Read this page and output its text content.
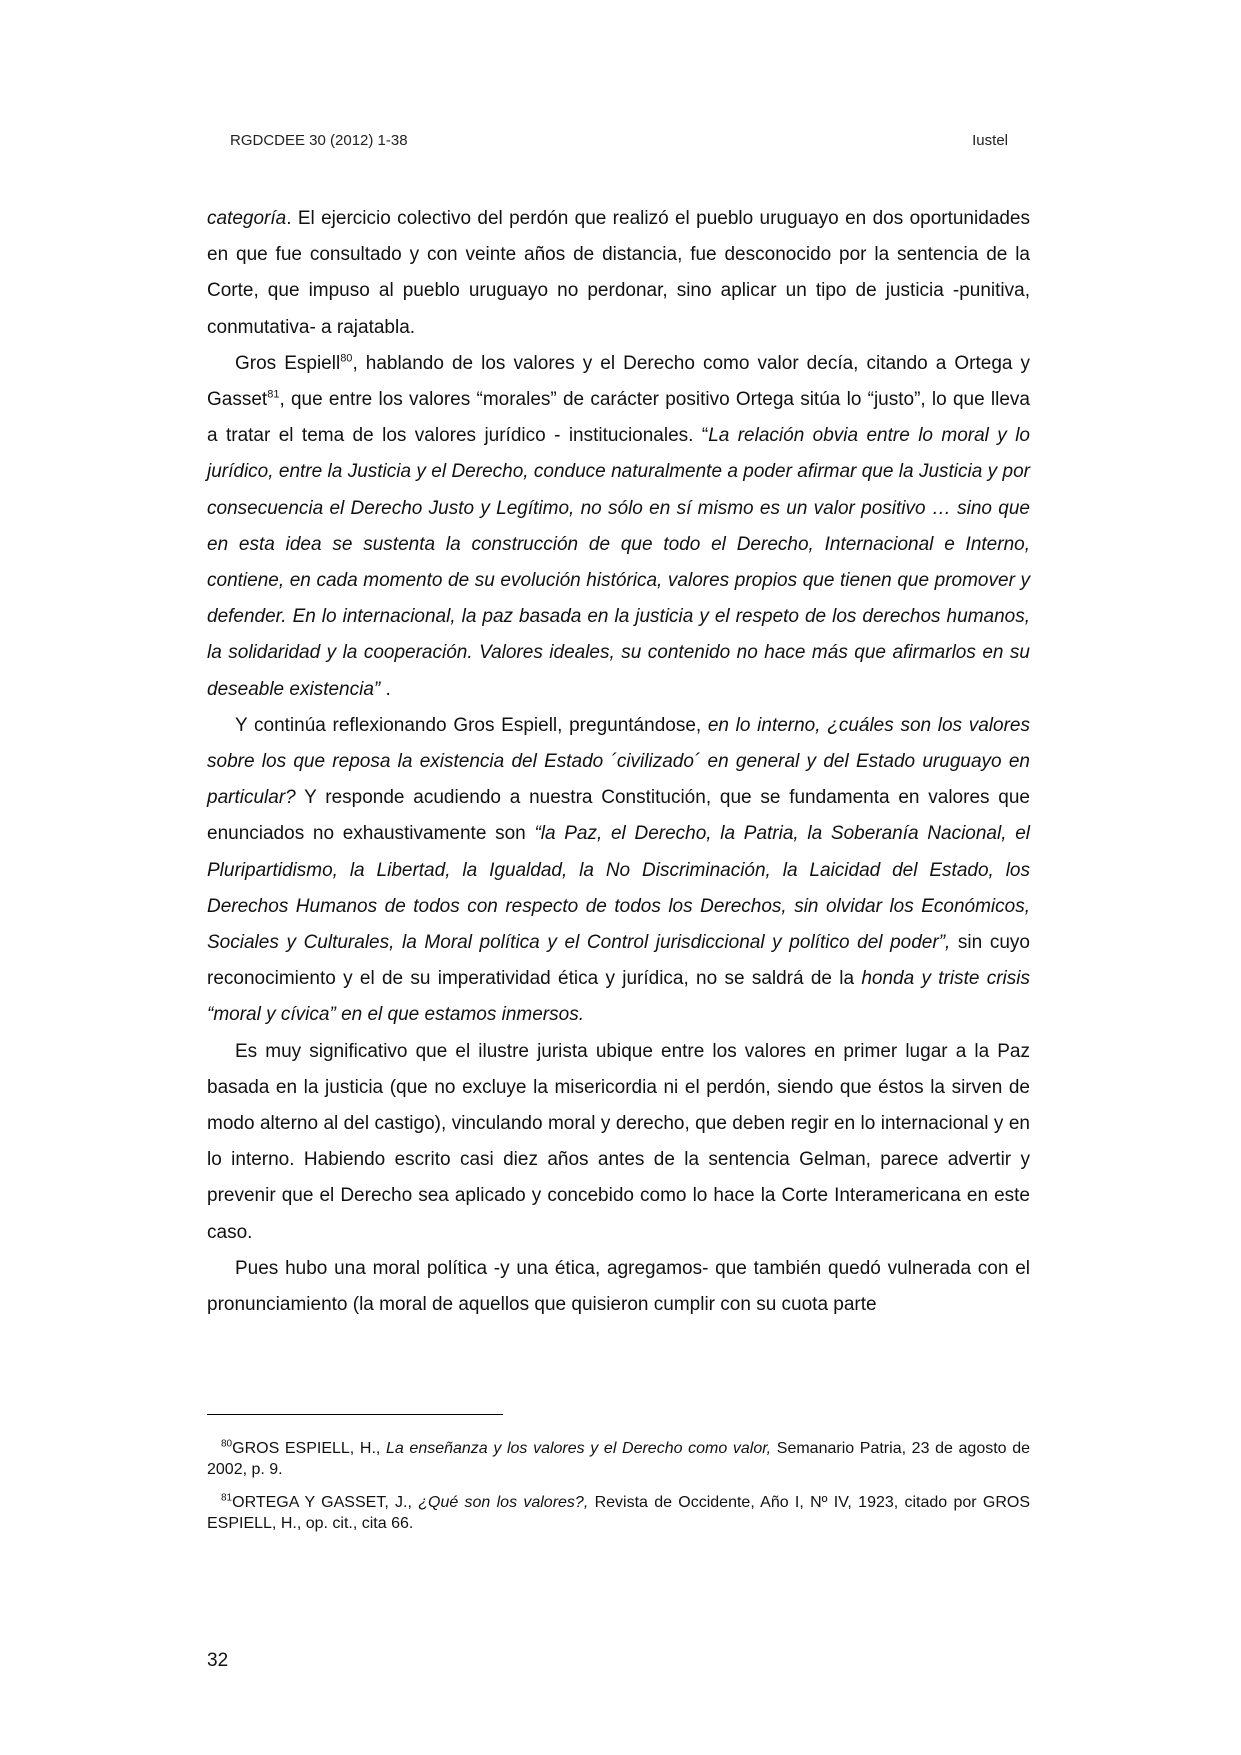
RGDCDEE 30 (2012) 1-38	Iustel

categoría. El ejercicio colectivo del perdón que realizó el pueblo uruguayo en dos oportunidades en que fue consultado y con veinte años de distancia, fue desconocido por la sentencia de la Corte, que impuso al pueblo uruguayo no perdonar, sino aplicar un tipo de justicia -punitiva, conmutativa- a rajatabla.

Gros Espiell$^{80}$, hablando de los valores y el Derecho como valor decía, citando a Ortega y Gasset$^{81}$, que entre los valores “morales” de carácter positivo Ortega sitúa lo “justo”, lo que lleva a tratar el tema de los valores jurídico - institucionales. “La relación obvia entre lo moral y lo jurídico, entre la Justicia y el Derecho, conduce naturalmente a poder afirmar que la Justicia y por consecuencia el Derecho Justo y Legítimo, no sólo en sí mismo es un valor positivo … sino que en esta idea se sustenta la construcción de que todo el Derecho, Internacional e Interno, contiene, en cada momento de su evolución histórica, valores propios que tienen que promover y defender. En lo internacional, la paz basada en la justicia y el respeto de los derechos humanos, la solidaridad y la cooperación. Valores ideales, su contenido no hace más que afirmarlos en su deseable existencia” .

Y continúa reflexionando Gros Espiell, preguntándose, en lo interno, ¿cuáles son los valores sobre los que reposa la existencia del Estado ´civilizado´ en general y del Estado uruguayo en particular? Y responde acudiendo a nuestra Constitución, que se fundamenta en valores que enunciados no exhaustivamente son “la Paz, el Derecho, la Patria, la Soberanía Nacional, el Pluripartidismo, la Libertad, la Igualdad, la No Discriminación, la Laicidad del Estado, los Derechos Humanos de todos con respecto de todos los Derechos, sin olvidar los Económicos, Sociales y Culturales, la Moral política y el Control jurisdiccional y político del poder”, sin cuyo reconocimiento y el de su imperatividad ética y jurídica, no se saldrá de la honda y triste crisis “moral y cívica” en el que estamos inmersos.

Es muy significativo que el ilustre jurista ubique entre los valores en primer lugar a la Paz basada en la justicia (que no excluye la misericordia ni el perdón, siendo que éstos la sirven de modo alterno al del castigo), vinculando moral y derecho, que deben regir en lo internacional y en lo interno. Habiendo escrito casi diez años antes de la sentencia Gelman, parece advertir y prevenir que el Derecho sea aplicado y concebido como lo hace la Corte Interamericana en este caso.

Pues hubo una moral política -y una ética, agregamos- que también quedó vulnerada con el pronunciamiento (la moral de aquellos que quisieron cumplir con su cuota parte

$^{80}$GROS ESPIELL, H., La enseñanza y los valores y el Derecho como valor, Semanario Patria, 23 de agosto de 2002, p. 9.

$^{81}$ORTEGA Y GASSET, J., ¿Qué son los valores?, Revista de Occidente, Año I, Nº IV, 1923, citado por GROS ESPIELL, H., op. cit., cita 66.

32
